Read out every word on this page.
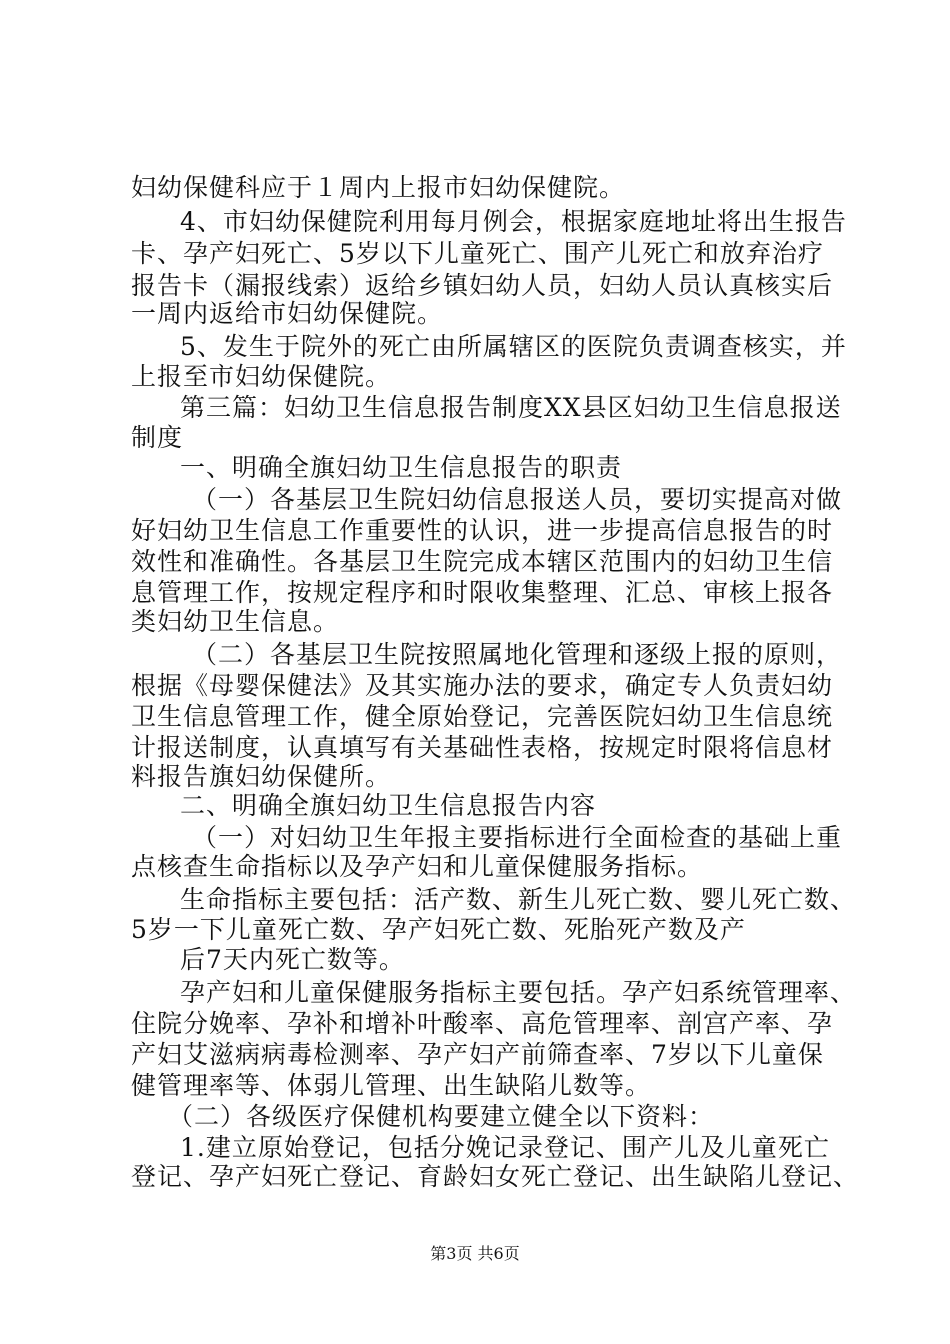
妇幼保健科应于１周内上报市妇幼保健院。
4、市妇幼保健院利用每月例会，根据家庭地址将出生报告
卡、孕产妇死亡、5岁以下儿童死亡、围产儿死亡和放弃治疗
报告卡（漏报线索）返给乡镇妇幼人员，妇幼人员认真核实后
一周内返给市妇幼保健院。
5、发生于院外的死亡由所属辖区的医院负责调查核实，并
上报至市妇幼保健院。
第三篇：妇幼卫生信息报告制度XX县区妇幼卫生信息报送
制度
一、明确全旗妇幼卫生信息报告的职责
（一）各基层卫生院妇幼信息报送人员，要切实提高对做
好妇幼卫生信息工作重要性的认识，进一步提高信息报告的时
效性和准确性。各基层卫生院完成本辖区范围内的妇幼卫生信
息管理工作，按规定程序和时限收集整理、汇总、审核上报各
类妇幼卫生信息。
（二）各基层卫生院按照属地化管理和逐级上报的原则，
根据《母婴保健法》及其实施办法的要求，确定专人负责妇幼
卫生信息管理工作，健全原始登记，完善医院妇幼卫生信息统
计报送制度，认真填写有关基础性表格，按规定时限将信息材
料报告旗妇幼保健所。
二、明确全旗妇幼卫生信息报告内容
（一）对妇幼卫生年报主要指标进行全面检查的基础上重
点核查生命指标以及孕产妇和儿童保健服务指标。
生命指标主要包括：活产数、新生儿死亡数、婴儿死亡数、
5岁一下儿童死亡数、孕产妇死亡数、死胎死产数及产
后7天内死亡数等。
孕产妇和儿童保健服务指标主要包括。孕产妇系统管理率、
住院分娩率、孕补和增补叶酸率、高危管理率、剖宫产率、孕
产妇艾滋病病毒检测率、孕产妇产前筛查率、7岁以下儿童保
健管理率等、体弱儿管理、出生缺陷儿数等。
（二）各级医疗保健机构要建立健全以下资料：
1.建立原始登记，包括分娩记录登记、围产儿及儿童死亡
登记、孕产妇死亡登记、育龄妇女死亡登记、出生缺陷儿登记、
第3页 共6页
